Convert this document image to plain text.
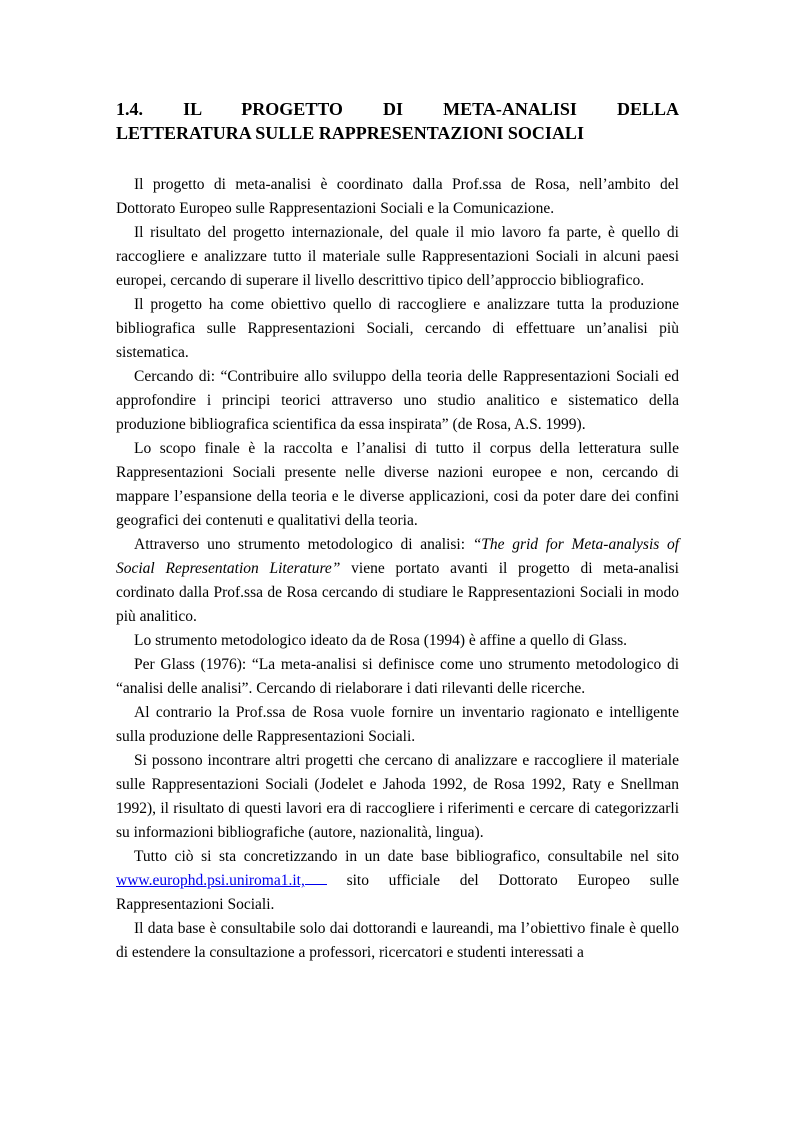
1.4. IL PROGETTO DI META-ANALISI DELLA
LETTERATURA SULLE RAPPRESENTAZIONI SOCIALI

Il progetto di meta-analisi è coordinato dalla Prof.ssa de Rosa, nell’ambito del Dottorato Europeo sulle Rappresentazioni Sociali e la Comunicazione.

Il risultato del progetto internazionale, del quale il mio lavoro fa parte, è quello di raccogliere e analizzare tutto il materiale sulle Rappresentazioni Sociali in alcuni paesi europei, cercando di superare il livello descrittivo tipico dell’approccio bibliografico.

Il progetto ha come obiettivo quello di raccogliere e analizzare tutta la produzione bibliografica sulle Rappresentazioni Sociali, cercando di effettuare un’analisi più sistematica.

Cercando di: “Contribuire allo sviluppo della teoria delle Rappresentazioni Sociali ed approfondire i principi teorici attraverso uno studio analitico e sistematico della produzione bibliografica scientifica da essa inspirata” (de Rosa, A.S. 1999).

Lo scopo finale è la raccolta e l’analisi di tutto il corpus della letteratura sulle Rappresentazioni Sociali presente nelle diverse nazioni europee e non, cercando di mappare l’espansione della teoria e le diverse applicazioni, cosi da poter dare dei confini geografici dei contenuti e qualitativi della teoria.

Attraverso uno strumento metodologico di analisi: “The grid for Meta-analysis of Social Representation Literature” viene portato avanti il progetto di meta-analisi cordinato dalla Prof.ssa de Rosa cercando di studiare le Rappresentazioni Sociali in modo più analitico.

Lo strumento metodologico ideato da de Rosa (1994) è affine a quello di Glass.

Per Glass (1976): “La meta-analisi si definisce come uno strumento metodologico di “analisi delle analisi”. Cercando di rielaborare i dati rilevanti delle ricerche.

Al contrario la Prof.ssa de Rosa vuole fornire un inventario ragionato e intelligente sulla produzione delle Rappresentazioni Sociali.

Si possono incontrare altri progetti che cercano di analizzare e raccogliere il materiale sulle Rappresentazioni Sociali (Jodelet e Jahoda 1992, de Rosa 1992, Raty e Snellman 1992), il risultato di questi lavori era di raccogliere i riferimenti e cercare di categorizzarli su informazioni bibliografiche (autore, nazionalità, lingua).

Tutto ciò si sta concretizzando in un date base bibliografico, consultabile nel sito www.europhd.psi.uniroma1.it,	sito ufficiale del Dottorato Europeo sulle Rappresentazioni Sociali.

Il data base è consultabile solo dai dottorandi e laureandi, ma l’obiettivo finale è quello di estendere la consultazione a professori, ricercatori e studenti interessati a
